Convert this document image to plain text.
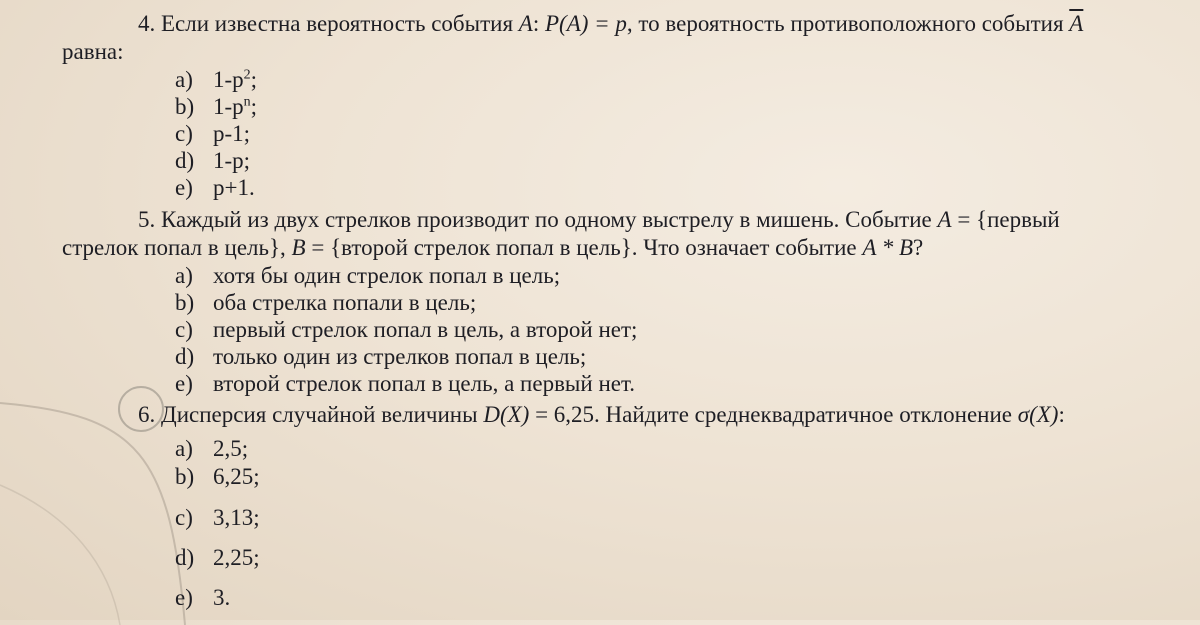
4. Если известна вероятность события A: P(A) = p, то вероятность противоположного события $\overline{A}$
равна:
a) $1-p^2$;
b) $1-p^n$;
c) p-1;
d) 1-p;
e) p+1.
5. Каждый из двух стрелков производит по одному выстрелу в мишень. Событие A = {первый
стрелок попал в цель}, B = {второй стрелок попал в цель}. Что означает событие A * B?
a) хотя бы один стрелок попал в цель;
b) оба стрелка попали в цель;
c) первый стрелок попал в цель, а второй нет;
d) только один из стрелков попал в цель;
e) второй стрелок попал в цель, а первый нет.
6. Дисперсия случайной величины D(X) = 6,25. Найдите среднеквадратичное отклонение σ(X):
a) 2,5;
b) 6,25;
c) 3,13;
d) 2,25;
e) 3.
